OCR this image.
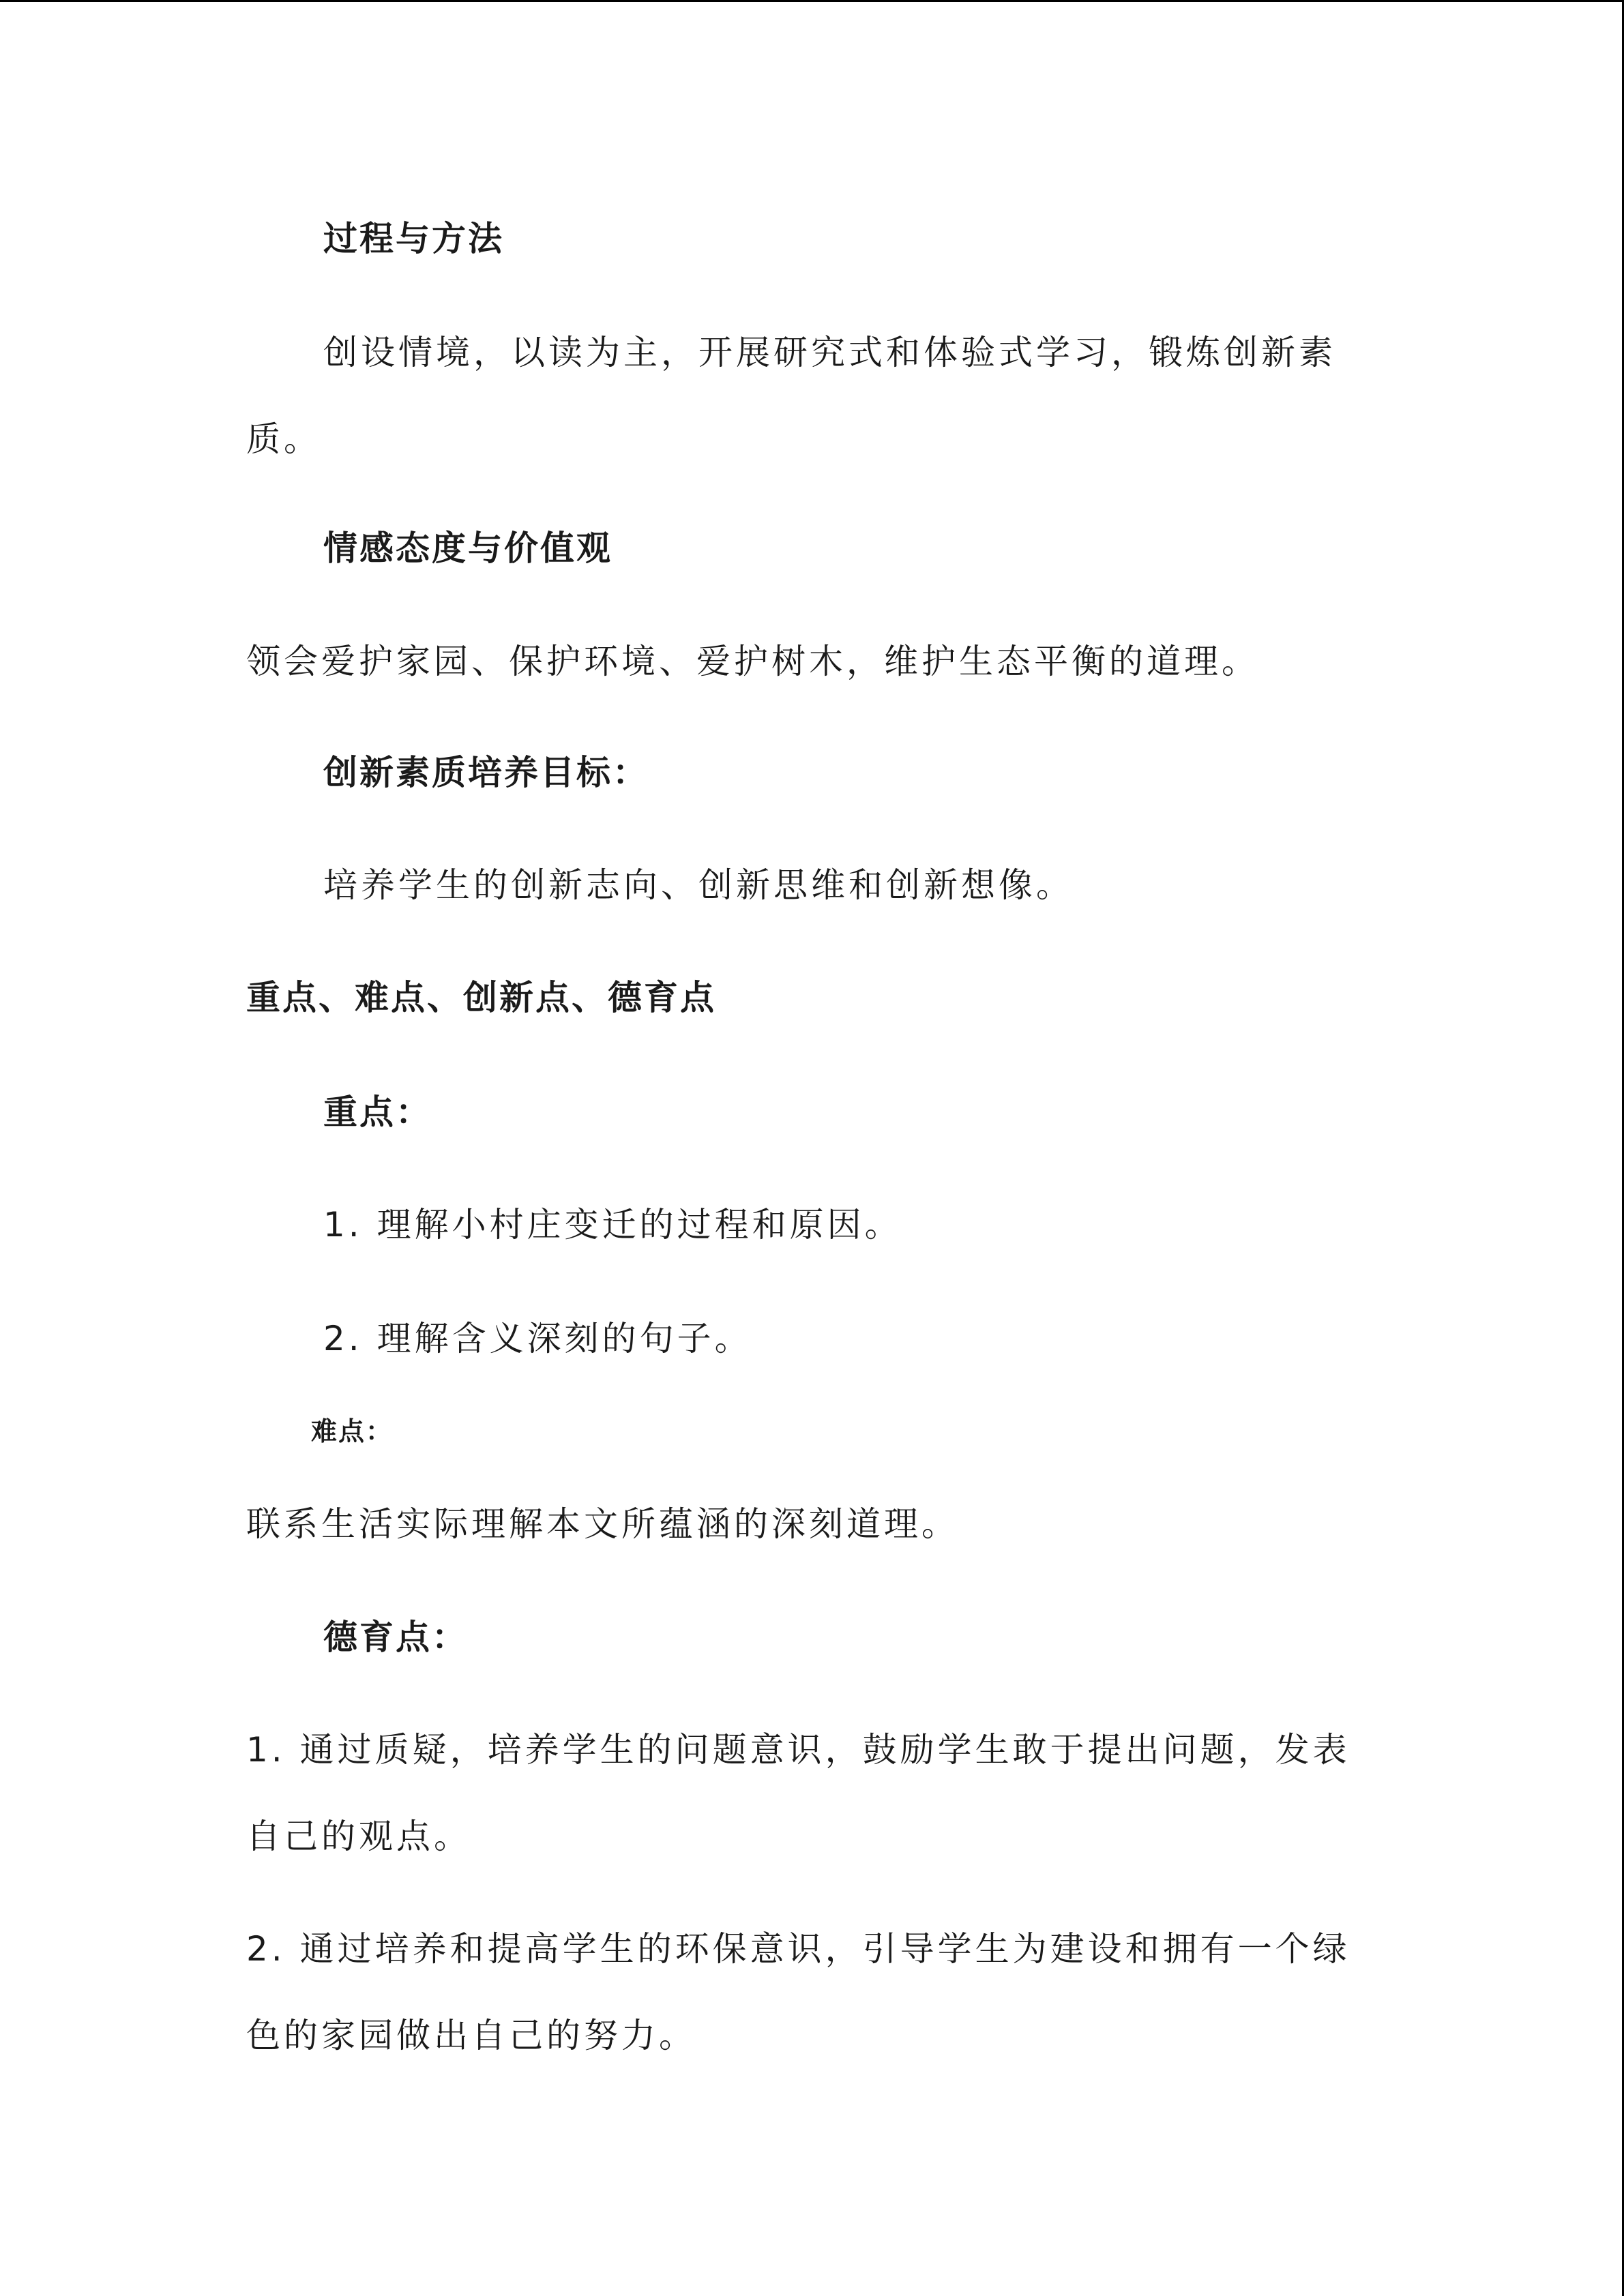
过程与方法

创设情境，以读为主，开展研究式和体验式学习，锻炼创新素

质。

情感态度与价值观

领会爱护家园、保护环境、爱护树木，维护生态平衡的道理。

创新素质培养目标：

培养学生的创新志向、创新思维和创新想像。

重点、难点、创新点、德育点

重点：

1. 理解小村庄变迁的过程和原因。

2. 理解含义深刻的句子。

难点：

联系生活实际理解本文所蕴涵的深刻道理。

德育点：

1. 通过质疑，培养学生的问题意识，鼓励学生敢于提出问题，发表

自己的观点。

2. 通过培养和提高学生的环保意识，引导学生为建设和拥有一个绿

色的家园做出自己的努力。
